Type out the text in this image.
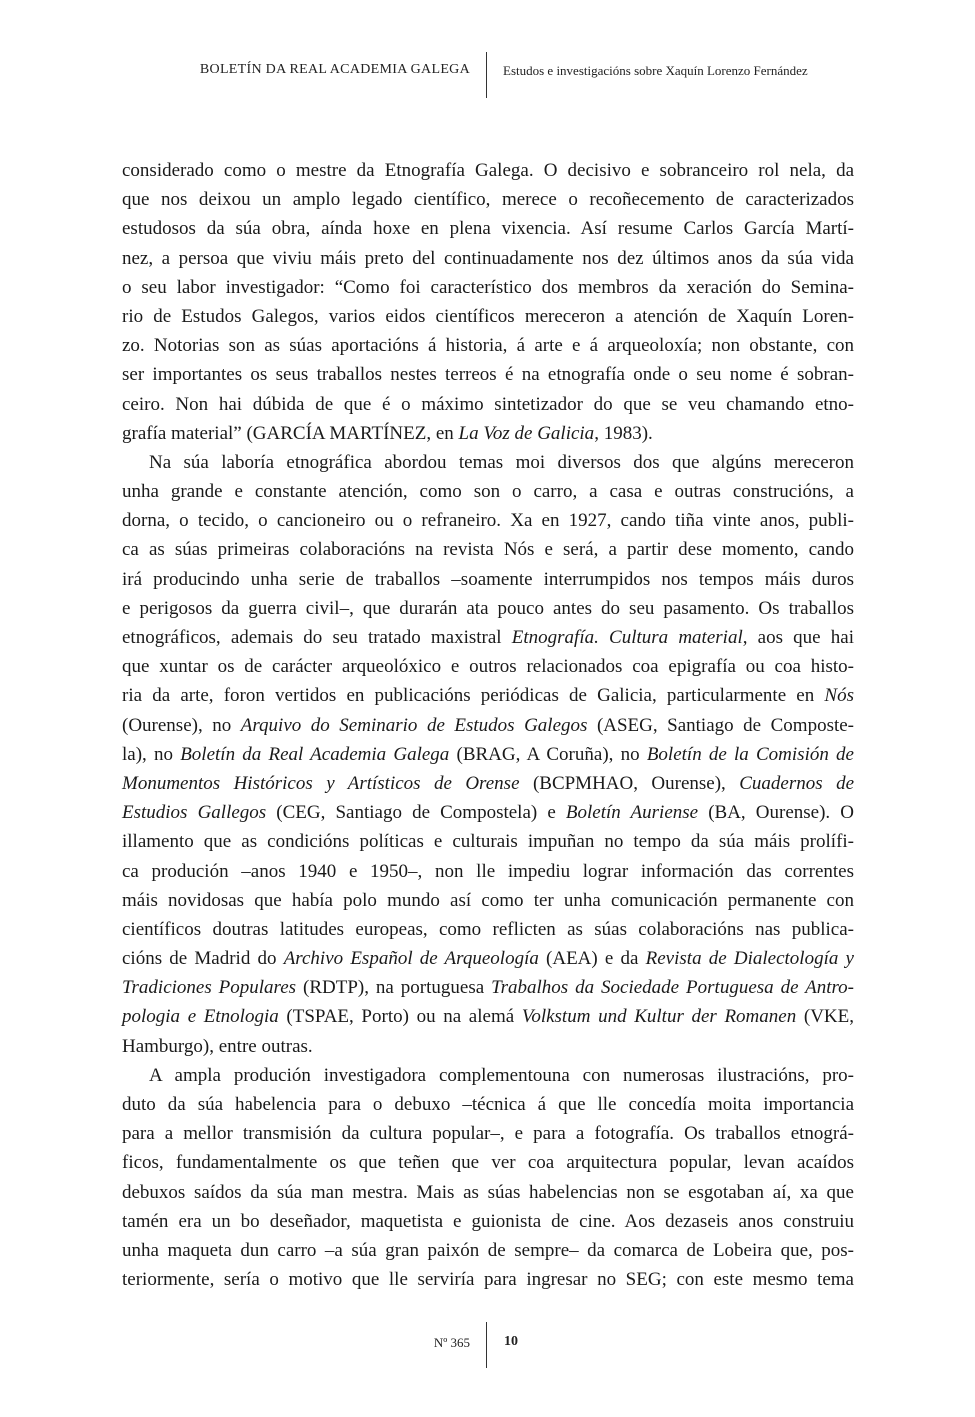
BOLETÍN DA REAL ACADEMIA GALEGA	Estudos e investigacións sobre Xaquín Lorenzo Fernández
considerado como o mestre da Etnografía Galega. O decisivo e sobranceiro rol nela, da
que nos deixou un amplo legado científico, merece o recoñecemento de caracterizados
estudosos da súa obra, aínda hoxe en plena vixencia. Así resume Carlos García Martí-
nez, a persoa que viviu máis preto del continuadamente nos dez últimos anos da súa vida
o seu labor investigador: “Como foi característico dos membros da xeración do Semina-
rio de Estudos Galegos, varios eidos científicos mereceron a atención de Xaquín Loren-
zo. Notorias son as súas aportacións á historia, á arte e á arqueoloxía; non obstante, con
ser importantes os seus traballos nestes terreos é na etnografía onde o seu nome é sobran-
ceiro. Non hai dúbida de que é o máximo sintetizador do que se veu chamando etno-
grafía material” (GARCÍA MARTÍNEZ, en La Voz de Galicia, 1983).
Na súa laboría etnográfica abordou temas moi diversos dos que algúns mereceron
unha grande e constante atención, como son o carro, a casa e outras construcións, a
dorna, o tecido, o cancioneiro ou o refraneiro. Xa en 1927, cando tiña vinte anos, publi-
ca as súas primeiras colaboracións na revista Nós e será, a partir dese momento, cando
irá producindo unha serie de traballos –soamente interrumpidos nos tempos máis duros
e perigosos da guerra civil–, que durarán ata pouco antes do seu pasamento. Os traballos
etnográficos, ademais do seu tratado maxistral Etnografía. Cultura material, aos que hai
que xuntar os de carácter arqueolóxico e outros relacionados coa epigrafía ou coa histo-
ria da arte, foron vertidos en publicacións periódicas de Galicia, particularmente en Nós
(Ourense), no Arquivo do Seminario de Estudos Galegos (ASEG, Santiago de Composte-
la), no Boletín da Real Academia Galega (BRAG, A Coruña), no Boletín de la Comisión de
Monumentos Históricos y Artísticos de Orense (BCPMHAO, Ourense), Cuadernos de
Estudios Gallegos (CEG, Santiago de Compostela) e Boletín Auriense (BA, Ourense). O
illamento que as condicións políticas e culturais impuñan no tempo da súa máis prolífi-
ca produción –anos 1940 e 1950–, non lle impediu lograr información das correntes
máis novidosas que había polo mundo así como ter unha comunicación permanente con
científicos doutras latitudes europeas, como reflicten as súas colaboracións nas publica-
cións de Madrid do Archivo Español de Arqueología (AEA) e da Revista de Dialectología y
Tradiciones Populares (RDTP), na portuguesa Trabalhos da Sociedade Portuguesa de Antro-
pologia e Etnologia (TSPAE, Porto) ou na alemá Volkstum und Kultur der Romanen (VKE,
Hamburgo), entre outras.
A ampla produción investigadora complementouna con numerosas ilustracións, pro-
duto da súa habelencia para o debuxo –técnica á que lle concedía moita importancia
para a mellor transmisión da cultura popular–, e para a fotografía. Os traballos etnográ-
ficos, fundamentalmente os que teñen que ver coa arquitectura popular, levan acaídos
debuxos saídos da súa man mestra. Mais as súas habelencias non se esgotaban aí, xa que
tamén era un bo deseñador, maquetista e guionista de cine. Aos dezaseis anos construiu
unha maqueta dun carro –a súa gran paixón de sempre– da comarca de Lobeira que, pos-
teriormente, sería o motivo que lle serviría para ingresar no SEG; con este mesmo tema
Nº 365 10
